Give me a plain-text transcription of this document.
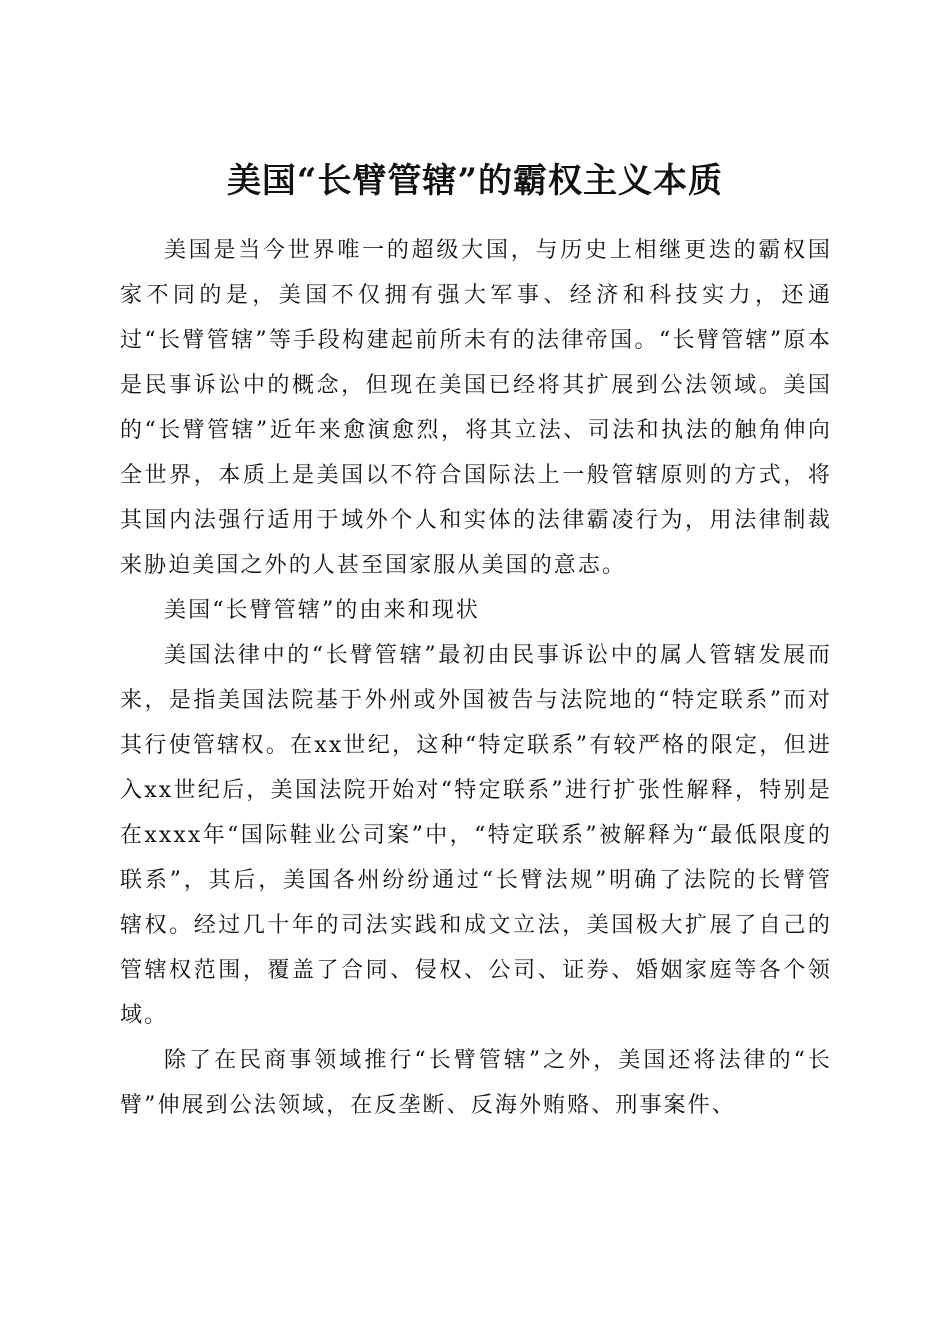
美国“长臂管辖”的霸权主义本质

美国是当今世界唯一的超级大国，与历史上相继更迭的霸权国家不同的是，美国不仅拥有强大军事、经济和科技实力，还通过“长臂管辖”等手段构建起前所未有的法律帝国。“长臂管辖”原本是民事诉讼中的概念，但现在美国已经将其扩展到公法领域。美国的“长臂管辖”近年来愈演愈烈，将其立法、司法和执法的触角伸向全世界，本质上是美国以不符合国际法上一般管辖原则的方式，将其国内法强行适用于域外个人和实体的法律霸凌行为，用法律制裁来胁迫美国之外的人甚至国家服从美国的意志。

美国“长臂管辖”的由来和现状

美国法律中的“长臂管辖”最初由民事诉讼中的属人管辖发展而来，是指美国法院基于外州或外国被告与法院地的“特定联系”而对其行使管辖权。在xx世纪，这种“特定联系”有较严格的限定，但进入xx世纪后，美国法院开始对“特定联系”进行扩张性解释，特别是在xxxx年“国际鞋业公司案”中，“特定联系”被解释为“最低限度的联系”，其后，美国各州纷纷通过“长臂法规”明确了法院的长臂管辖权。经过几十年的司法实践和成文立法，美国极大扩展了自己的管辖权范围，覆盖了合同、侵权、公司、证券、婚姻家庭等各个领域。

除了在民商事领域推行“长臂管辖”之外，美国还将法律的“长臂”伸展到公法领域，在反垄断、反海外贿赂、刑事案件、
